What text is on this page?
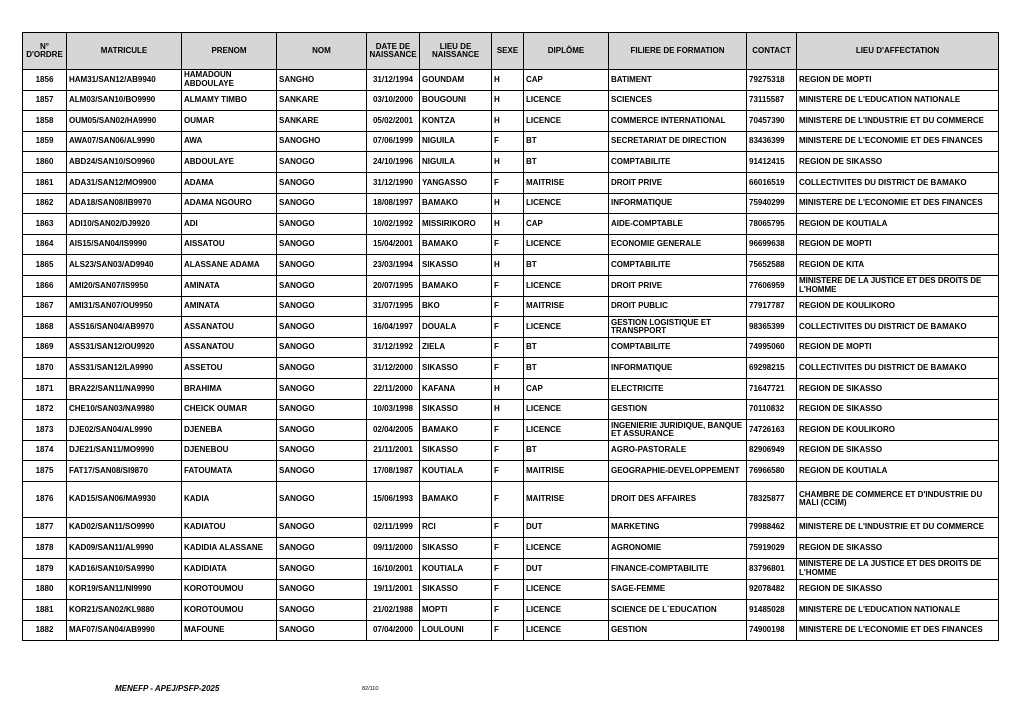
N° D'ORDRE	MATRICULE	PRENOM	NOM	DATE DE NAISSANCE	LIEU DE NAISSANCE	SEXE	DIPLÔME	FILIERE DE FORMATION	CONTACT	LIEU D'AFFECTATION
1856	HAM31/SAN12/AB9940	HAMADOUN ABDOULAYE	SANGHO	31/12/1994	GOUNDAM	H	CAP	BATIMENT	79275318	REGION DE MOPTI
1857	ALM03/SAN10/BO9990	ALMAMY TIMBO	SANKARE	03/10/2000	BOUGOUNI	H	LICENCE	SCIENCES	73115587	MINISTERE DE L'EDUCATION NATIONALE
1858	OUM05/SAN02/HA9990	OUMAR	SANKARE	05/02/2001	KONTZA	H	LICENCE	COMMERCE INTERNATIONAL	70457390	MINISTERE DE L'INDUSTRIE ET DU COMMERCE
1859	AWA07/SAN06/AL9990	AWA	SANOGHO	07/06/1999	NIGUILA	F	BT	SECRETARIAT DE DIRECTION	83436399	MINISTERE DE L'ECONOMIE ET DES FINANCES
1860	ABD24/SAN10/SO9960	ABDOULAYE	SANOGO	24/10/1996	NIGUILA	H	BT	COMPTABILITE	91412415	REGION DE SIKASSO
1861	ADA31/SAN12/MO9900	ADAMA	SANOGO	31/12/1990	YANGASSO	F	MAITRISE	DROIT PRIVE	66016519	COLLECTIVITES DU DISTRICT DE BAMAKO
1862	ADA18/SAN08/IB9970	ADAMA NGOURO	SANOGO	18/08/1997	BAMAKO	H	LICENCE	INFORMATIQUE	75940299	MINISTERE DE L'ECONOMIE ET DES FINANCES
1863	ADI10/SAN02/DJ9920	ADI	SANOGO	10/02/1992	MISSIRIKORO	H	CAP	AIDE-COMPTABLE	78065795	REGION DE KOUTIALA
1864	AIS15/SAN04/IS9990	AISSATOU	SANOGO	15/04/2001	BAMAKO	F	LICENCE	ECONOMIE GENERALE	96699638	REGION DE MOPTI
1865	ALS23/SAN03/AD9940	ALASSANE ADAMA	SANOGO	23/03/1994	SIKASSO	H	BT	COMPTABILITE	75652588	REGION DE KITA
1866	AMI20/SAN07/IS9950	AMINATA	SANOGO	20/07/1995	BAMAKO	F	LICENCE	DROIT PRIVE	77606959	MINISTERE DE LA JUSTICE ET DES DROITS DE L'HOMME
1867	AMI31/SAN07/OU9950	AMINATA	SANOGO	31/07/1995	BKO	F	MAITRISE	DROIT PUBLIC	77917787	REGION DE KOULIKORO
1868	ASS16/SAN04/AB9970	ASSANATOU	SANOGO	16/04/1997	DOUALA	F	LICENCE	GESTION LOGISTIQUE ET TRANSPPORT	98365399	COLLECTIVITES DU DISTRICT DE BAMAKO
1869	ASS31/SAN12/OU9920	ASSANATOU	SANOGO	31/12/1992	ZIELA	F	BT	COMPTABILITE	74995060	REGION DE MOPTI
1870	ASS31/SAN12/LA9990	ASSETOU	SANOGO	31/12/2000	SIKASSO	F	BT	INFORMATIQUE	69298215	COLLECTIVITES DU DISTRICT DE BAMAKO
1871	BRA22/SAN11/NA9990	BRAHIMA	SANOGO	22/11/2000	KAFANA	H	CAP	ELECTRICITE	71647721	REGION DE SIKASSO
1872	CHE10/SAN03/NA9980	CHEICK OUMAR	SANOGO	10/03/1998	SIKASSO	H	LICENCE	GESTION	70110832	REGION DE SIKASSO
1873	DJE02/SAN04/AL9990	DJENEBA	SANOGO	02/04/2005	BAMAKO	F	LICENCE	INGENIERIE JURIDIQUE, BANQUE ET ASSURANCE	74726163	REGION DE KOULIKORO
1874	DJE21/SAN11/MO9990	DJENEBOU	SANOGO	21/11/2001	SIKASSO	F	BT	AGRO-PASTORALE	82906949	REGION DE SIKASSO
1875	FAT17/SAN08/SI9870	FATOUMATA	SANOGO	17/08/1987	KOUTIALA	F	MAITRISE	GEOGRAPHIE-DEVELOPPEMENT	76966580	REGION DE KOUTIALA
1876	KAD15/SAN06/MA9930	KADIA	SANOGO	15/06/1993	BAMAKO	F	MAITRISE	DROIT DES AFFAIRES	78325877	CHAMBRE DE COMMERCE ET D'INDUSTRIE DU MALI (CCIM)
1877	KAD02/SAN11/SO9990	KADIATOU	SANOGO	02/11/1999	RCI	F	DUT	MARKETING	79988462	MINISTERE DE L'INDUSTRIE ET DU COMMERCE
1878	KAD09/SAN11/AL9990	KADIDIA ALASSANE	SANOGO	09/11/2000	SIKASSO	F	LICENCE	AGRONOMIE	75919029	REGION DE SIKASSO
1879	KAD16/SAN10/SA9990	KADIDIATA	SANOGO	16/10/2001	KOUTIALA	F	DUT	FINANCE-COMPTABILITE	83796801	MINISTERE DE LA JUSTICE ET DES DROITS DE L'HOMME
1880	KOR19/SAN11/NI9990	KOROTOUMOU	SANOGO	19/11/2001	SIKASSO	F	LICENCE	SAGE-FEMME	92078482	REGION DE SIKASSO
1881	KOR21/SAN02/KL9880	KOROTOUMOU	SANOGO	21/02/1988	MOPTI	F	LICENCE	SCIENCE DE L`EDUCATION	91485028	MINISTERE DE L'EDUCATION NATIONALE
1882	MAF07/SAN04/AB9990	MAFOUNE	SANOGO	07/04/2000	LOULOUNI	F	LICENCE	GESTION	74900198	MINISTERE DE L'ECONOMIE ET DES FINANCES
MENEFP - APEJ/PSFP-2025	82/110
